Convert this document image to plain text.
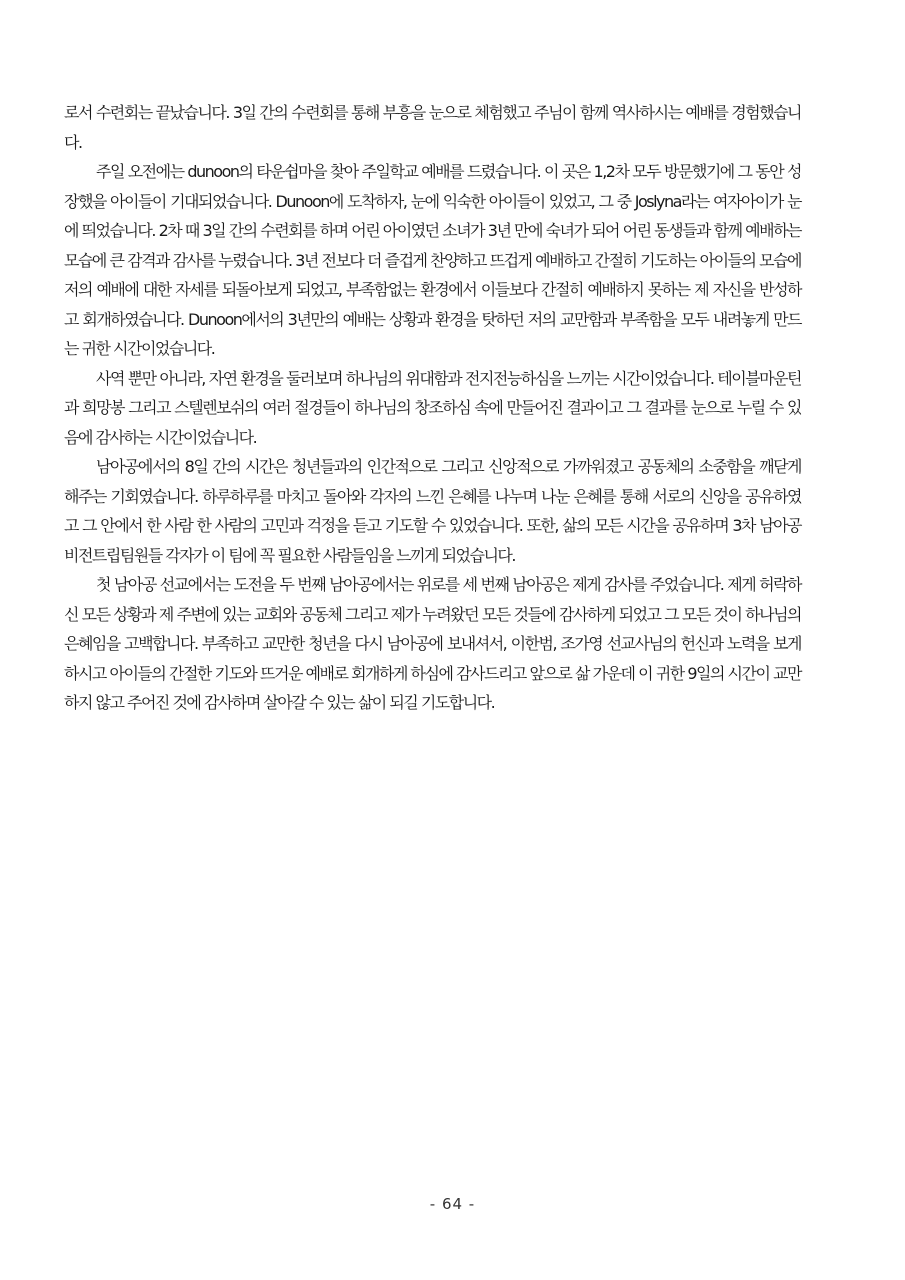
로서 수련회는 끝났습니다. 3일 간의 수련회를 통해 부흥을 눈으로 체험했고 주님이 함께 역사하시는 예배를 경험했습니다.

주일 오전에는 dunoon의 타운쉽마을 찾아 주일학교 예배를 드렸습니다. 이 곳은 1,2차 모두 방문했기에 그 동안 성장했을 아이들이 기대되었습니다. Dunoon에 도착하자, 눈에 익숙한 아이들이 있었고, 그 중 Joslyna라는 여자아이가 눈에 띄었습니다. 2차 때 3일 간의 수련회를 하며 어린 아이였던 소녀가 3년 만에 숙녀가 되어 어린 동생들과 함께 예배하는 모습에 큰 감격과 감사를 누렸습니다. 3년 전보다 더 즐겁게 찬양하고 뜨겁게 예배하고 간절히 기도하는 아이들의 모습에 저의 예배에 대한 자세를 되돌아보게 되었고, 부족함없는 환경에서 이들보다 간절히 예배하지 못하는 제 자신을 반성하고 회개하였습니다. Dunoon에서의 3년만의 예배는 상황과 환경을 탓하던 저의 교만함과 부족함을 모두 내려놓게 만드는 귀한 시간이었습니다.

사역 뿐만 아니라, 자연 환경을 둘러보며 하나님의 위대함과 전지전능하심을 느끼는 시간이었습니다. 테이블마운틴과 희망봉 그리고 스텔렌보쉬의 여러 절경들이 하나님의 창조하심 속에 만들어진 결과이고 그 결과를 눈으로 누릴 수 있음에 감사하는 시간이었습니다.

남아공에서의 8일 간의 시간은 청년들과의 인간적으로 그리고 신앙적으로 가까워졌고 공동체의 소중함을 깨닫게 해주는 기회였습니다. 하루하루를 마치고 돌아와 각자의 느낀 은혜를 나누며 나눈 은혜를 통해 서로의 신앙을 공유하였고 그 안에서 한 사람 한 사람의 고민과 걱정을 듣고 기도할 수 있었습니다. 또한, 삶의 모든 시간을 공유하며 3차 남아공 비전트립팀원들 각자가 이 팀에 꼭 필요한 사람들임을 느끼게 되었습니다.

첫 남아공 선교에서는 도전을 두 번째 남아공에서는 위로를 세 번째 남아공은 제게 감사를 주었습니다. 제게 허락하신 모든 상황과 제 주변에 있는 교회와 공동체 그리고 제가 누려왔던 모든 것들에 감사하게 되었고 그 모든 것이 하나님의 은혜임을 고백합니다. 부족하고 교만한 청년을 다시 남아공에 보내셔서, 이한범, 조가영 선교사님의 헌신과 노력을 보게 하시고 아이들의 간절한 기도와 뜨거운 예배로 회개하게 하심에 감사드리고 앞으로 삶 가운데 이 귀한 9일의 시간이 교만하지 않고 주어진 것에 감사하며 살아갈 수 있는 삶이 되길 기도합니다.

- 64 -
